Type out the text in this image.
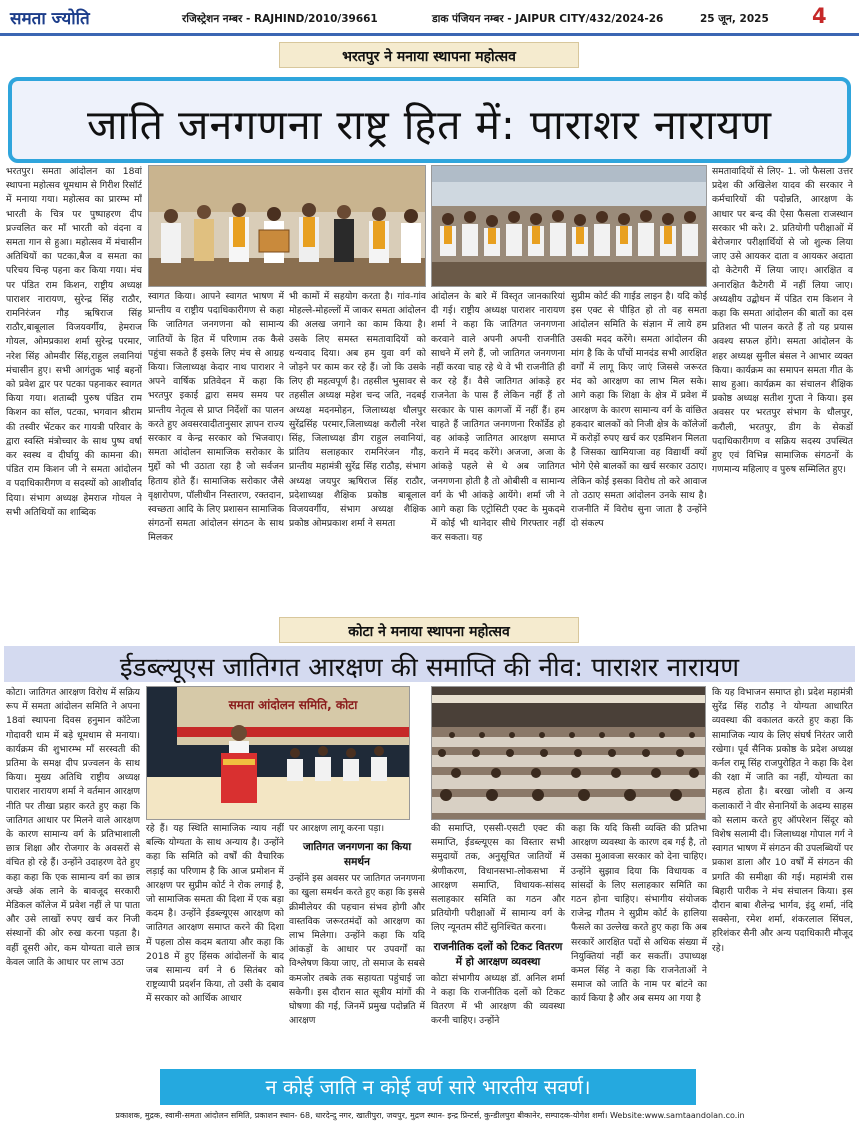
समता ज्योति	रजिस्ट्रेशन नम्बर - RAJHIND/2010/39661	डाक पंजियन नम्बर - JAIPUR CITY/432/2024-26	25 जून, 2025 4
भरतपुर ने मनाया स्थापना महोत्सव
जाति जनगणना राष्ट्र हित में: पाराशर नारायण
भरतपुर। समता आंदोलन का 18वां स्थापना महोत्सव धूमधाम से गिरीश रिसॉर्ट में मनाया गया। महोत्सव का प्रारम्भ माँ भारती के चित्र पर पुष्पाहरण दीप प्रज्वलित कर माँ भारती को वंदना व समता गान से हुआ। महोत्सव में मंचासीन अतिथियों का पटका,बैज व समता का परिचय चिन्ह पहना कर किया गया। मंच पर पंडित राम किशन, राष्ट्रीय अध्यक्ष पाराशर नारायण, सुरेन्द्र सिंह राठौर, रामनिरंजन गौड़ ऋषिराज सिंह राठौर,बाबूलाल विजयवर्गीय, हेमराज गोयल, ओमप्रकाश शर्मा सुरेन्द्र परमार, नरेश सिंह ओमवीर सिंह,राहुल लवानियां मंचासीन हुए। सभी आगंतुक भाई बहनों को प्रवेश द्वार पर पटका पहनाकर स्वागत किया गया। शताब्दी पुरुष पंडित राम किशन का सॉल, पटका, भगवान श्रीराम की तस्वीर भेंटकर कर गायत्री परिवार के द्वारा स्वस्ति मंत्रोच्चार के साथ पुष्प वर्षा कर स्वस्थ व दीर्घायु की कामना की। पंडित राम किशन जी ने समता आंदोलन व पदाधिकारीगण व सदस्यों को आशीर्वाद दिया। संभाग अध्यक्ष हेमराज गोयल ने सभी अतिथियों का शाब्दिक
स्वागत किया। आपने स्वागत भाषण में प्रान्तीय व राष्ट्रीय पदाधिकारीगण से कहा कि जातिगत जनगणना को सामान्य जातियों के हित में परिणाम तक कैसे पहुंचा सकते हैं इसके लिए मंच से आग्रह किया। जिलाध्यक्ष केदार नाथ पाराशर ने अपने वार्षिक प्रतिवेदन में कहा कि भरतपुर इकाई द्वारा समय समय पर प्रान्तीय नेतृत्व से प्राप्त निर्देशों का पालन करते हुए अवसरवादीतानुसार ज्ञापन राज्य सरकार व केन्द्र सरकार को भिजवाए। समता आंदोलन सामाजिक सरोकार के मुद्दों को भी उठाता रहा है जो सर्वजन हिताय होते हैं। सामाजिक सरोकार जैसे वृक्षारोपण, पॉलीथीन निस्तारण, रक्तदान, स्वच्छता आदि के लिए प्रशासन सामाजिक संगठनों समता आंदोलन संगठन के साथ मिलकर
भी कामों में सहयोग करता है। गांव-गांव मोहल्ले-मोहल्लों में जाकर समता आंदोलन की अलख जगाने का काम किया है। उसके लिए समस्त समतावादियों को धन्यवाद दिया। अब हम युवा वर्ग को जोड़ने पर काम कर रहे हैं। जो कि उसके लिए ही महत्वपूर्ण है। तहसील भुसावर से तहसील अध्यक्ष महेश चन्द जति, नदबई अध्यक्ष मदनमोहन, जिलाध्यक्ष धौलपुर सुरेंद्रसिंह परमार,जिलाध्यक्ष करौली नरेश सिंह, जिलाध्यक्ष डीग राहुल लवानियां, प्रांतिय सलाहकार रामनिरंजन गौड़, प्रान्तीय महामंत्री सुरेंद्र सिंह राठौड़, संभाग अध्यक्ष जयपुर ऋषिराज सिंह राठौर, प्रदेशाध्यक्ष शैक्षिक प्रकोष्ठ बाबूलाल विजयवर्गीय, संभाग अध्यक्ष शैक्षिक प्रकोष्ठ ओमप्रकाश शर्मा ने समता
आंदोलन के बारे में विस्तृत जानकारियां दी गई। राष्ट्रीय अध्यक्ष पाराशर नारायण शर्मा ने कहा कि जातिगत जनगणना करवाने वाले अपनी अपनी राजनीति साधने में लगे हैं, जो जातिगत जनगणना नहीं करवा चाह रहे थे वे भी राजनीति ही कर रहे हैं। वैसे जातिगत आंकड़े हर राजनेता के पास हैं लेकिन नहीं हैं तो सरकार के पास कागजों में नहीं हैं। हम चाहते हैं जातिगत जनगणना रिकॉर्डेड हो वह आंकड़े जातिगत आरक्षण समाप्त कराने में मदद करेंगे। अजजा, अजा के आंकड़े पहले से थे अब जातिगत जनगणना होती है तो ओबीसी व सामान्य वर्ग के भी आंकड़े आयेंगे। शर्मा जी ने आगे कहा कि एट्रोसिटी एक्ट के मुकदमे में कोई भी थानेदार सीधे गिरफ्तार नहीं कर सकता। यह
सुप्रीम कोर्ट की गाईड लाइन है। यदि कोई इस एक्ट से पीड़ित हो तो वह समता आंदोलन समिति के संज्ञान में लाये हम उसकी मदद करेंगे। समता आंदोलन की मांग है कि के पाँचों मानदंड सभी आरक्षित वर्गों में लागू किए जाएं जिससे जरूरत मंद को आरक्षण का लाभ मिल सके। आगे कहा कि शिक्षा के क्षेत्र में प्रवेश में आरक्षण के कारण सामान्य वर्ग के वांछित हकदार बालकों को निजी क्षेत्र के कॉलेजों में करोड़ों रुपए खर्च कर एडमिशन मिलता है जिसका खामियाजा वह विद्यार्थी क्यों भोगे ऐसे बालकों का खर्च सरकार उठाए। लेकिन कोई इसका विरोध तो करे आवाज तो उठाए समता आंदोलन उनके साथ है। राजनीति में विरोध सुना जाता है उन्होंने दो संकल्प
समतावादियों से लिए- 1. जो फैसला उत्तर प्रदेश की अखिलेश यादव की सरकार ने कर्मचारियों की पदोन्नति, आरक्षण के आधार पर बन्द की ऐसा फैसला राजस्थान सरकार भी करे। 2. प्रतियोगी परीक्षाओं में बेरोजगार परीक्षार्थियों से जो शुल्क लिया जाए उसे आयकर दाता व आयकर अदाता दो केटेगरी में लिया जाए। आरक्षित व अनारक्षित कैटेगरी में नहीं लिया जाए। अध्यक्षीय उद्बोधन में पंडित राम किशन ने कहा कि समता आंदोलन की बातों का दस प्रतिशत भी पालन करते हैं तो यह प्रयास अवश्य सफल होंगे। समता आंदोलन के शहर अध्यक्ष सुनील बंसल ने आभार व्यक्त किया। कार्यक्रम का समापन समता गीत के साथ हुआ। कार्यक्रम का संचालन शैक्षिक प्रकोष्ठ अध्यक्ष सतीश गुप्ता ने किया। इस अवसर पर भरतपुर संभाग के धौलपुर, करौली, भरतपुर, डीग के सेकडों पदाधिकारीगण व सक्रिय सदस्य उपस्थित हुए एवं विभिन्न सामाजिक संगठनों के गणमान्य महिलाए व पुरुष सम्मिलित हुए।
कोटा ने मनाया स्थापना महोत्सव
ईडब्ल्यूएस जातिगत आरक्षण की समाप्ति की नीव: पाराशर नारायण
कोटा। जातिगत आरक्षण विरोध में सक्रिय रूप में समता आंदोलन समिति ने अपना 18वां स्थापना दिवस हनुमान कॉटेजा गोदावरी धाम में बड़े धूमधाम से मनाया। कार्यक्रम की शुभारम्भ माँ सरस्वती की प्रतिमा के समक्ष दीप प्रज्वलन के साथ किया। मुख्य अतिथि राष्ट्रीय अध्यक्ष पाराशर नारायण शर्मा ने वर्तमान आरक्षण नीति पर तीखा प्रहार करते हुए कहा कि जातिगत आधार पर मिलने वाले आरक्षण के कारण सामान्य वर्ग के प्रतिभाशाली छात्र शिक्षा और रोजगार के अवसरों से वंचित हो रहे हैं। उन्होंने उदाहरण देते हुए कहा कहा कि एक सामान्य वर्ग का छात्र अच्छे अंक लाने के बावजूद सरकारी मेडिकल कॉलेज में प्रवेश नहीं ले पा पाता और उसे लाखों रुपए खर्च कर निजी संस्थानों की ओर रुख करना पड़ता है। वहीं दूसरी ओर, कम योग्यता वाले छात्र केवल जाति के आधार पर लाभ उठा
समता आंदोलन समिति, कोटा
रहे हैं। यह स्थिति सामाजिक न्याय नहीं बल्कि योग्यता के साथ अन्याय है। उन्होंने कहा कि समिति को वर्षों की वैचारिक लड़ाई का परिणाम है कि आज प्रमोशन में आरक्षण पर सुप्रीम कोर्ट ने रोक लगाई है, जो सामाजिक समता की दिशा में एक बड़ा कदम है। उन्होंने ईडब्ल्यूएस आरक्षण को जातिगत आरक्षण समाप्त करने की दिशा में पहला ठोस कदम बताया और कहा कि 2018 में हुए हिंसक आंदोलनों के बाद जब सामान्य वर्ग ने 6 सितंबर को राष्ट्रव्यापी प्रदर्शन किया, तो उसी के दबाव में सरकार को आर्थिक आधार

पर आरक्षण लागू करना पड़ा।

जातिगत जनगणना का किया समर्थन

उन्होंने इस अवसर पर जातिगत जनगणना का खुला समर्थन करते हुए कहा कि इससे क्रीमीलेयर की पहचान संभव होगी और वास्तविक जरूरतमंदों को आरक्षण का लाभ मिलेगा। उन्होंने कहा कि यदि आंकड़ों के आधार पर उपवर्गों का विश्लेषण किया जाए, तो समाज के सबसे कमजोर तबके तक सहायता पहुंचाई जा सकेगी। इस दौरान सात सूत्रीय मांगों की घोषणा की गई, जिनमें प्रमुख पदोन्नति में आरक्षण

की समाप्ति, एससी-एसटी एक्ट की समाप्ति, ईडब्ल्यूएस का विस्तार सभी समुदायों तक, अनुसूचित जातियों में श्रेणीकरण, विधानसभा-लोकसभा में आरक्षण समाप्ति, विधायक-सांसद सलाहकार समिति का गठन और प्रतियोगी परीक्षाओं में सामान्य वर्ग के लिए न्यूनतम सीटें सुनिश्चित करना।

राजनीतिक दलों को टिकट वितरण में हो आरक्षण व्यवस्था

कोटा संभागीय अध्यक्ष डॉ. अनिल शर्मा ने कहा कि राजनीतिक दलों को टिकट वितरण में भी आरक्षण की व्यवस्था करनी चाहिए। उन्होंने

कहा कि यदि किसी व्यक्ति की प्रतिभा आरक्षण व्यवस्था के कारण दब गई है, तो उसका मुआवजा सरकार को देना चाहिए। उन्होंने सुझाव दिया कि विधायक व सांसदों के लिए सलाहकार समिति का गठन होना चाहिए। संभागीय संयोजक राजेन्द्र गौतम ने सुप्रीम कोर्ट के हालिया फैसले का उल्लेख करते हुए कहा कि अब सरकारें आरक्षित पदों से अधिक संख्या में नियुक्तियां नहीं कर सकतीं। उपाध्यक्ष कमल सिंह ने कहा कि राजनेताओं ने समाज को जाति के नाम पर बांटने का कार्य किया है और अब समय आ गया है
कि यह विभाजन समाप्त हो। प्रदेश महामंत्री सुरेंद्र सिंह राठौड़ ने योग्यता आधारित व्यवस्था की वकालत करते हुए कहा कि सामाजिक न्याय के लिए संघर्ष निरंतर जारी रखेगा। पूर्व सैनिक प्रकोष्ठ के प्रदेश अध्यक्ष कर्नल रामू सिंह राजपुरोहित ने कहा कि देश की रक्षा में जाति का नहीं, योग्यता का महत्व होता है। बरखा जोशी व अन्य कलाकारों ने वीर सेनानियों के अदम्य साहस को सलाम करते हुए ऑपरेशन सिंदूर को विशेष सलामी दी। जिलाध्यक्ष गोपाल गर्ग ने स्वागत भाषण में संगठन की उपलब्धियों पर प्रकाश डाला और 10 वर्षों में संगठन की प्रगति की समीक्षा की गई। महामंत्री रास बिहारी पारीक ने मंच संचालन किया। इस दौरान बाबा शैलेन्द्र भार्गव, इंदु शर्मा, नंदि सक्सेना, रमेश शर्मा, शंकरलाल सिंघल, हरिशंकर सैनी और अन्य पदाधिकारी मौजूद रहे।
न कोई जाति न कोई वर्ण सारे भारतीय सवर्ण।
प्रकाशक, मुद्रक, स्वामी-समता आंदोलन समिति, प्रकाशन स्थान- 68, धारदेन्दु नगर, खातीपुरा, जयपुर, मुद्रण स्थान- इन्द्र प्रिन्टर्स, कुन्डीलपुरा बीकानेर, सम्पादक-योगेश शर्मा। Website:www.samtaandolan.co.in
